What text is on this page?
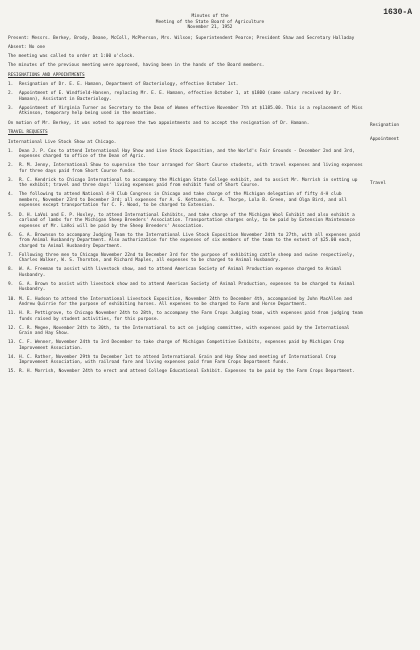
1630-A
Minutes of the
Meeting of the State Board of Agriculture
November 21, 1952

Present: Messrs. Berkey, Brody, Deane, McColl, McPherson, Mrs. Wilson; Superintendent Pearce; President Shaw and Secretary Halladay

Absent: No one

The meeting was called to order at 1:00 o'clock.

The minutes of the previous meeting were approved, having been in the hands of the Board members.

RESIGNATIONS AND APPOINTMENTS
1.	Resignation of Dr. E. E. Hamann, Department of Bacteriology, effective October 1st.
2.	Appointment of E. Windfield-Hansen, replacing Mr. E. E. Hamann, effective October 1, at $1800 (same salary received by Dr. Hamann), Assistant in Bacteriology.
3.	Appointment of Virginia Turner as Secretary to the Dean of Women effective November 7th at $1185.00. This is a replacement of Miss Atkinson, temporary help being used in the meantime.

On motion of Mr. Berkey, it was voted to approve the two appointments and to accept the resignation of Dr. Hamann.

TRAVEL REQUESTS

International Live Stock Show at Chicago.

1.	Dean J. P. Cox to attend International Hay Show and Live Stock Exposition, and the World's Fair Grounds - December 2nd and 3rd, expenses charged to office of the Dean of Agric.
2.	R. M. Jenny, International Show to supervise the tour arranged for Short Course students, with travel expenses and living expenses for three days paid from Short Course funds.
3.	R. C. Kendrick to Chicago International to accompany the Michigan State College exhibit, and to assist Mr. Morrish in setting up the exhibit; travel and three days' living expenses paid from exhibit fund of Short Course.
4.	The following to attend National 4-H Club Congress in Chicago and take charge of the Michigan delegation of fifty 4-H club members, November 23rd to December 3rd; all expenses for A. G. Kettunen, G. A. Thorpe, Lola B. Green, and Olga Bird, and all expenses except transportation for C. F. Wood, to be charged to Extension.
5.	D. H. LaVoi and E. P. Hoxley, to attend International Exhibits, and take charge of the Michigan Wool Exhibit and also exhibit a carload of lambs for the Michigan Sheep Breeders' Association. Transportation charges only, to be paid by Extension Maintenance expenses of Mr. LaVoi will be paid by the Sheep Breeders' Association.
6.	G. A. Brownson to accompany Judging Team to the International Live Stock Exposition November 24th to 27th, with all expenses paid from Animal Husbandry Department. Also authorization for the expenses of six members of the team to the extent of $25.00 each, charged to Animal Husbandry Department.
7.	Following three men to Chicago November 22nd to December 3rd for the purpose of exhibiting cattle sheep and swine respectively, Charles Walker, W. S. Thornton, and Richard Maples, all expenses to be charged to Animal Husbandry.
8.	W. A. Freeman to assist with livestock show, and to attend American Society of Animal Production expense charged to Animal Husbandry.
9.	G. A. Brown to assist with livestock show and to attend American Society of Animal Production, expenses to be charged to Animal Husbandry.
10. M. E. Hudson to attend the International Livestock Exposition, November 24th to December 4th, accompanied by John MacAllen and Andrew Quirrie for the purpose of exhibiting horses. All expenses to be charged to Farm and Horse Department.
11. H. R. Pettigrove, to Chicago November 24th to 28th, to accompany the Farm Crops Judging team, with expenses paid from judging team funds raised by student activities, for this purpose.
12. C. R. Megee, November 24th to 30th, to the International to act on judging committee, with expenses paid by the International Grain and Hay Show.
13. C. F. Wenner, November 24th to 3rd December to take charge of Michigan Competitive Exhibits, expenses paid by Michigan Crop Improvement Association.
14. H. C. Rather, November 29th to December 1st to attend International Grain and Hay Show and meeting of International Crop Improvement Association, with railroad fare and living expenses paid from Farm Crops Department funds.
15. R. H. Morrish, November 24th to erect and attend College Educational Exhibit. Expenses to be paid by the Farm Crops Department.
Resignation
Appointment
Travel
